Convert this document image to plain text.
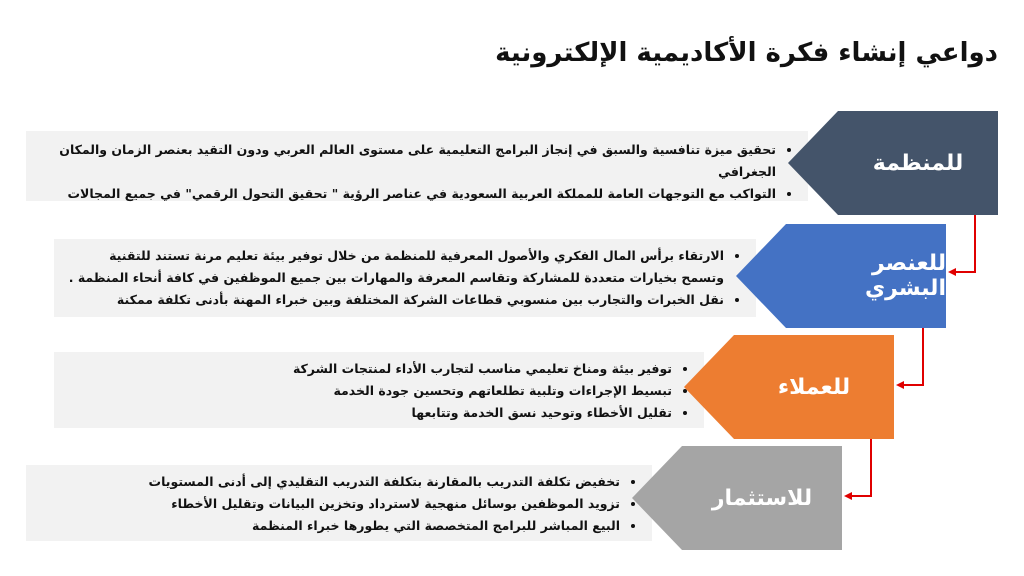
دواعي إنشاء فكرة الأكاديمية الإلكترونية
• تحقيق ميزة تنافسية والسبق في إنجاز البرامج التعليمية على مستوى العالم العربي ودون التقيد بعنصر الزمان والمكان الجغرافي
• التواكب مع التوجهات العامة للمملكة العربية السعودية في عناصر الرؤية " تحقيق التحول الرقمي" في جميع المجالات
للمنظمة
• الارتقاء برأس المال الفكري والأصول المعرفية للمنظمة من خلال توفير بيئة تعليم مرنة تستند للتقنية وتسمح بخيارات متعددة للمشاركة وتقاسم المعرفة والمهارات بين جميع الموظفين في كافة أنحاء المنظمة .
• نقل الخبرات والتجارب بين منسوبي قطاعات الشركة المختلفة وبين خبراء المهنة بأدنى تكلفة ممكنة
للعنصر البشري
• توفير بيئة ومناخ تعليمي مناسب لتجارب الأداء لمنتجات الشركة
• تبسيط الإجراءات وتلبية تطلعاتهم وتحسين جودة الخدمة
• تقليل الأخطاء وتوحيد نسق الخدمة وتتابعها
للعملاء
• تخفيض تكلفة التدريب بالمقارنة بتكلفة التدريب التقليدي إلى أدنى المستويات
• تزويد الموظفين بوسائل منهجية لاسترداد وتخزين البيانات وتقليل الأخطاء
• البيع المباشر للبرامج المتخصصة التي يطورها خبراء المنظمة
للاستثمار
